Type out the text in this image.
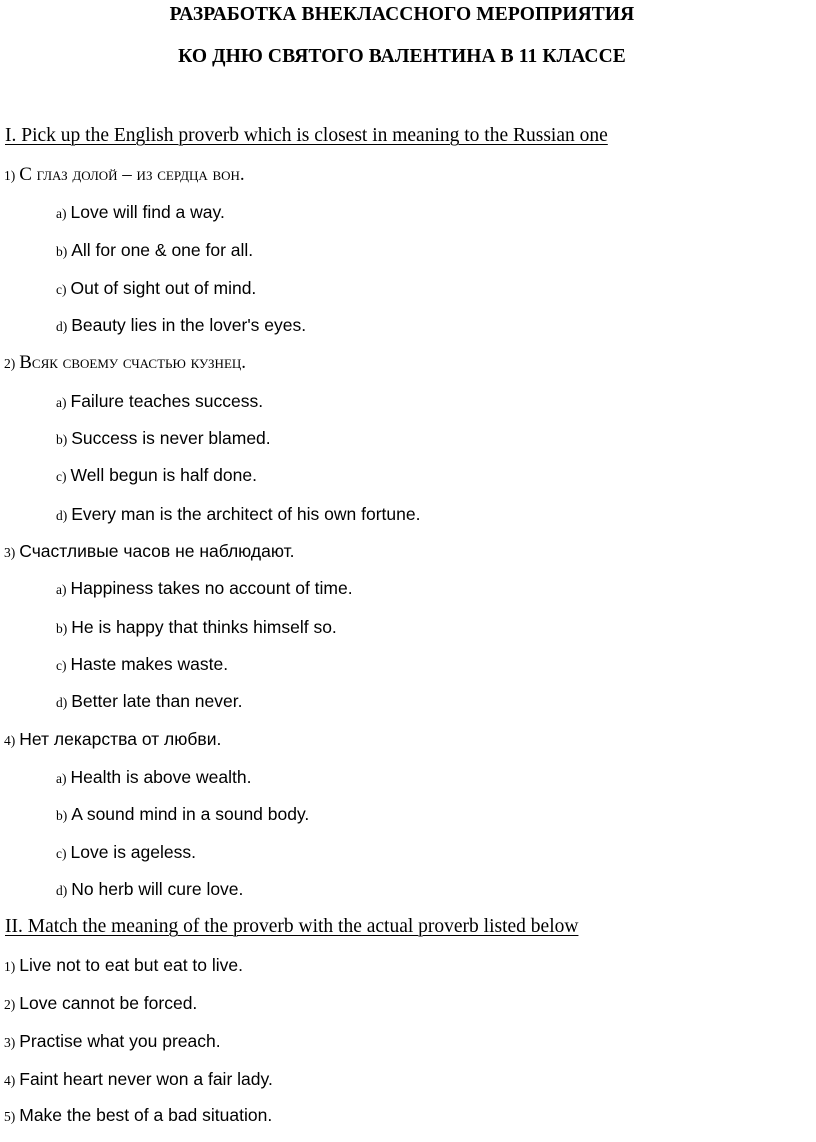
РАЗРАБОТКА ВНЕКЛАССНОГО МЕРОПРИЯТИЯ
КО ДНЮ СВЯТОГО ВАЛЕНТИНА В 11 КЛАССЕ
I. Pick up the English proverb which is closest in meaning to the Russian one
1) С глаз долой – из сердца вон.
a) Love will find a way.
b) All for one & one for all.
c) Out of sight out of mind.
d) Beauty lies in the lover's eyes.
2) Всяк своему счастью кузнец.
a) Failure teaches success.
b) Success is never blamed.
c) Well begun is half done.
d) Every man is the architect of his own fortune.
3) Счастливые часов не наблюдают.
a) Happiness takes no account of time.
b) He is happy that thinks himself so.
c) Haste makes waste.
d) Better late than never.
4) Нет лекарства от любви.
a) Health is above wealth.
b) A sound mind in a sound body.
c) Love is ageless.
d) No herb will cure love.
II. Match the meaning of the proverb with the actual proverb listed below
1) Live not to eat but eat to live.
2) Love cannot be forced.
3) Practise what you preach.
4) Faint heart never won a fair lady.
5) Make the best of a bad situation.
